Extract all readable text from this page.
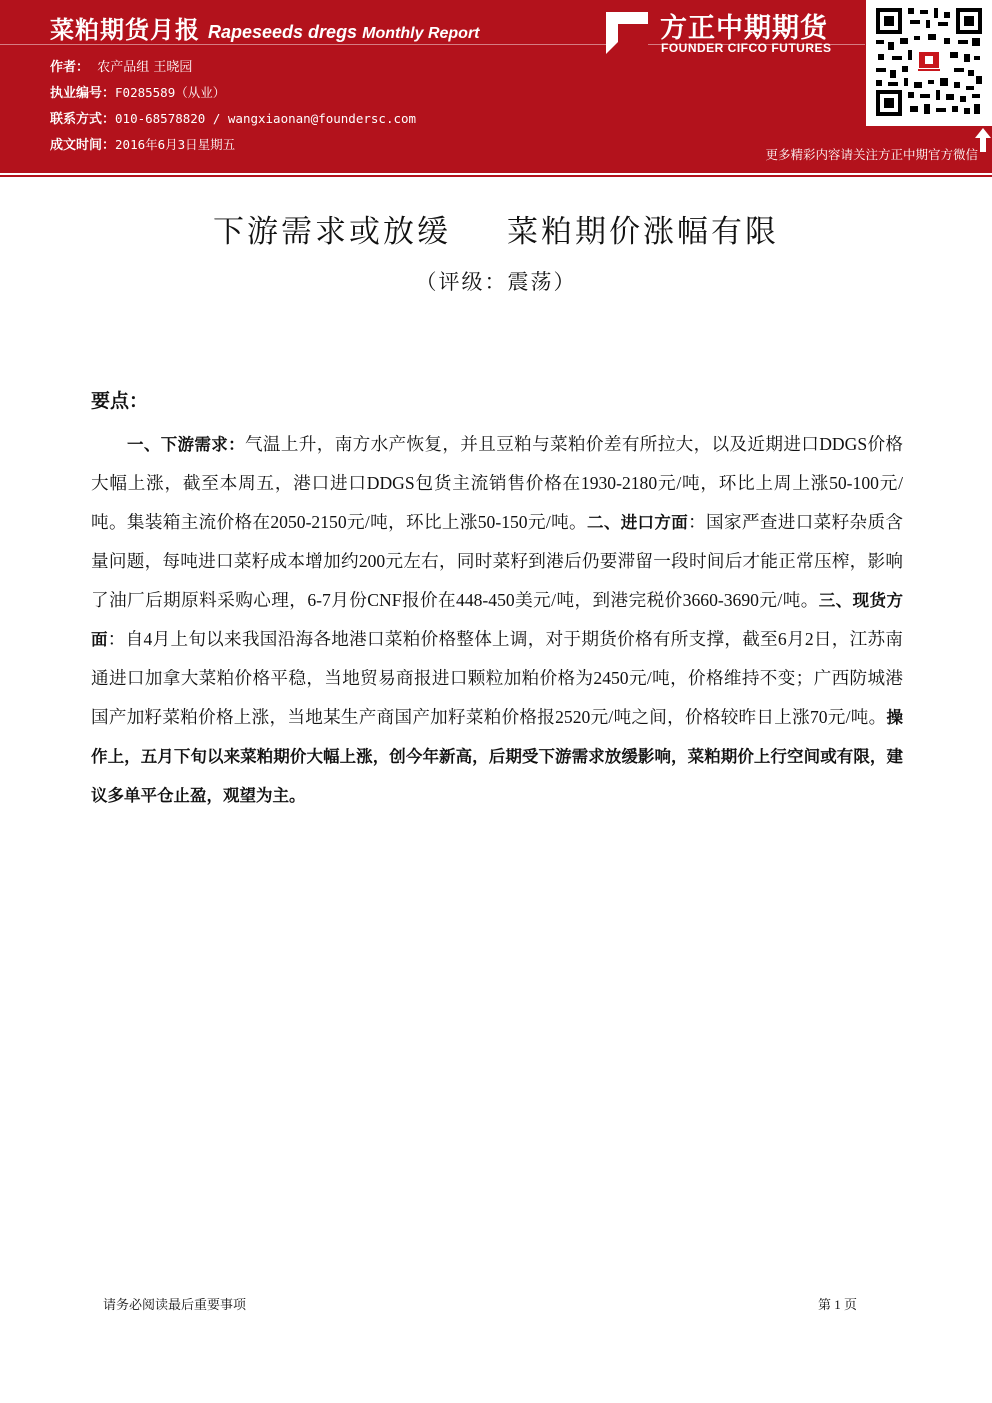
菜粕期货月报 Rapeseeds dregs Monthly Report
作者： 农产品组 王晓园
执业编号：F0285589（从业）
联系方式：010-68578820 / wangxiaonan@foundersc.com
成文时间：2016年6月3日星期五
方正中期期货
FOUNDER CIFCO FUTURES
更多精彩内容请关注方正中期官方微信
下游需求或放缓 菜粕期价涨幅有限
（评级：震荡）
要点：

一、下游需求：气温上升，南方水产恢复，并且豆粕与菜粕价差有所拉大，以及近期进口DDGS价格大幅上涨，截至本周五，港口进口DDGS包货主流销售价格在1930-2180元/吨，环比上周上涨50-100元/吨。集装箱主流价格在2050-2150元/吨，环比上涨50-150元/吨。二、进口方面：国家严查进口菜籽杂质含量问题，每吨进口菜籽成本增加约200元左右，同时菜籽到港后仍要滞留一段时间后才能正常压榨，影响了油厂后期原料采购心理，6-7月份CNF报价在448-450美元/吨，到港完税价3660-3690元/吨。三、现货方面：自4月上旬以来我国沿海各地港口菜粕价格整体上调，对于期货价格有所支撑，截至6月2日，江苏南通进口加拿大菜粕价格平稳，当地贸易商报进口颗粒加粕价格为2450元/吨，价格维持不变；广西防城港国产加籽菜粕价格上涨，当地某生产商国产加籽菜粕价格报2520元/吨之间，价格较昨日上涨70元/吨。操作上，五月下旬以来菜粕期价大幅上涨，创今年新高，后期受下游需求放缓影响，菜粕期价上行空间或有限，建议多单平仓止盈，观望为主。

请务必阅读最后重要事项	第 1 页
